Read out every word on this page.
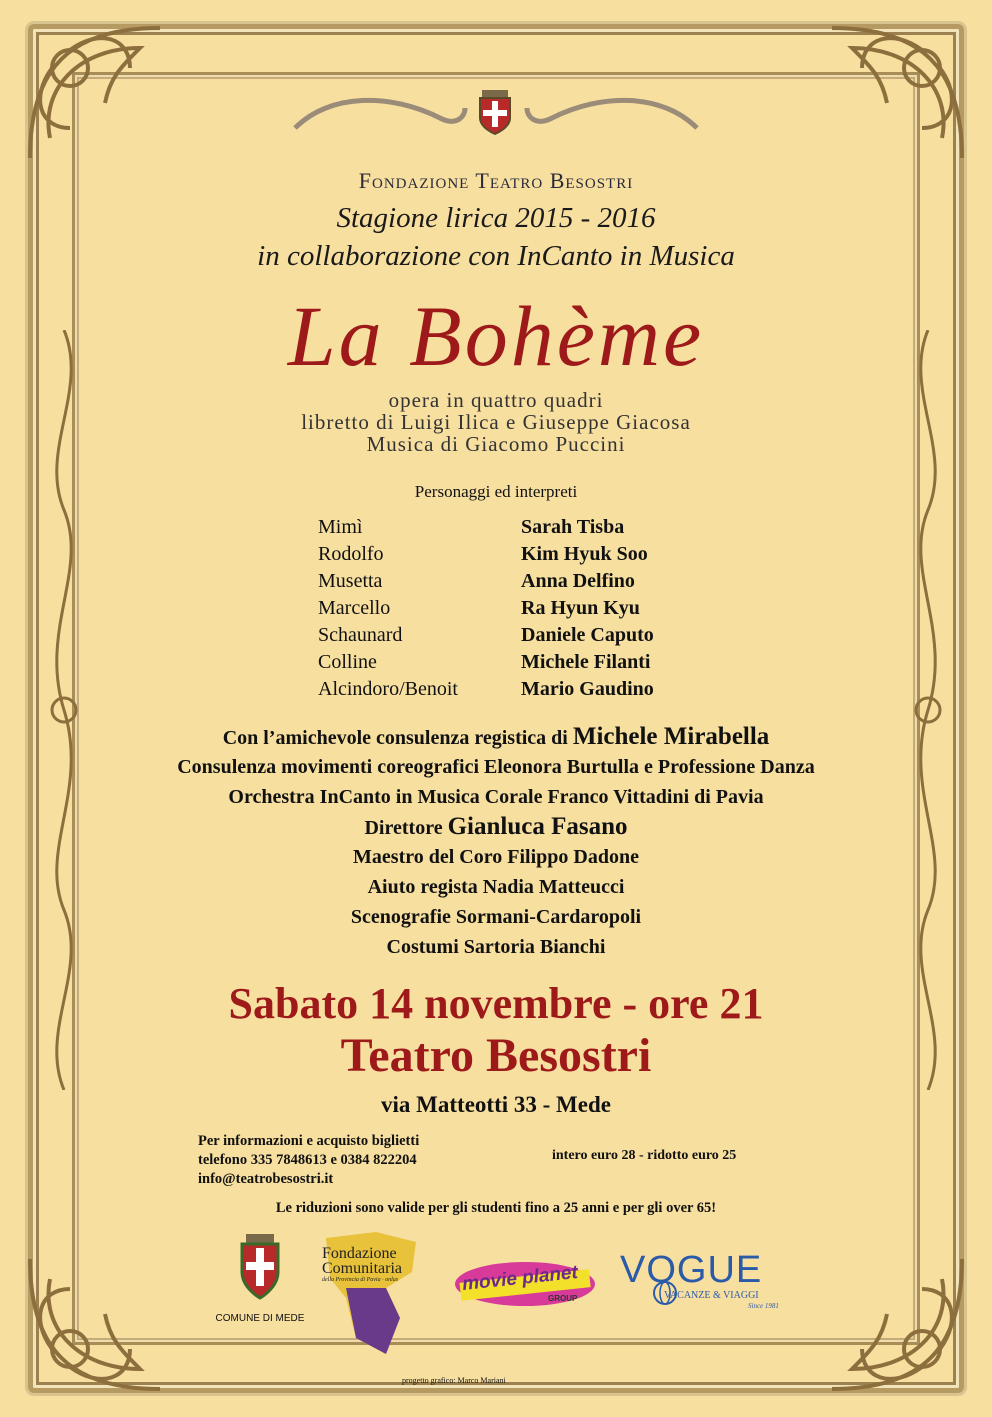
Fondazione Teatro Besostri
Stagione lirica 2015 - 2016
in collaborazione con InCanto in Musica
La Bohème
opera in quattro quadri
libretto di Luigi Ilica e Giuseppe Giacosa
Musica di Giacomo Puccini
Personaggi ed interpreti
Mimì	Sarah Tisba
Rodolfo	Kim Hyuk Soo
Musetta	Anna Delfino
Marcello	Ra Hyun Kyu
Schaunard	Daniele Caputo
Colline	Michele Filanti
Alcindoro/Benoit	Mario Gaudino
Con l’amichevole consulenza registica di Michele Mirabella
Consulenza movimenti coreografici Eleonora Burtulla e Professione Danza
Orchestra InCanto in Musica Corale Franco Vittadini di Pavia
Direttore Gianluca Fasano
Maestro del Coro Filippo Dadone
Aiuto regista Nadia Matteucci
Scenografie Sormani-Cardaropoli
Costumi Sartoria Bianchi
Sabato 14 novembre - ore 21
Teatro Besostri
via Matteotti 33 - Mede
Per informazioni e acquisto biglietti
telefono 335 7848613 e 0384 822204
info@teatrobesostri.it
intero euro 28 - ridotto euro 25
Le riduzioni sono valide per gli studenti fino a 25 anni e per gli over 65!
COMUNE DI MEDE
Fondazione
Comunitaria
della Provincia di Pavia · onlus	movie planet
GROUP
VOGUE
VACANZE & VIAGGI
Since 1981
progetto grafico: Marco Mariani
